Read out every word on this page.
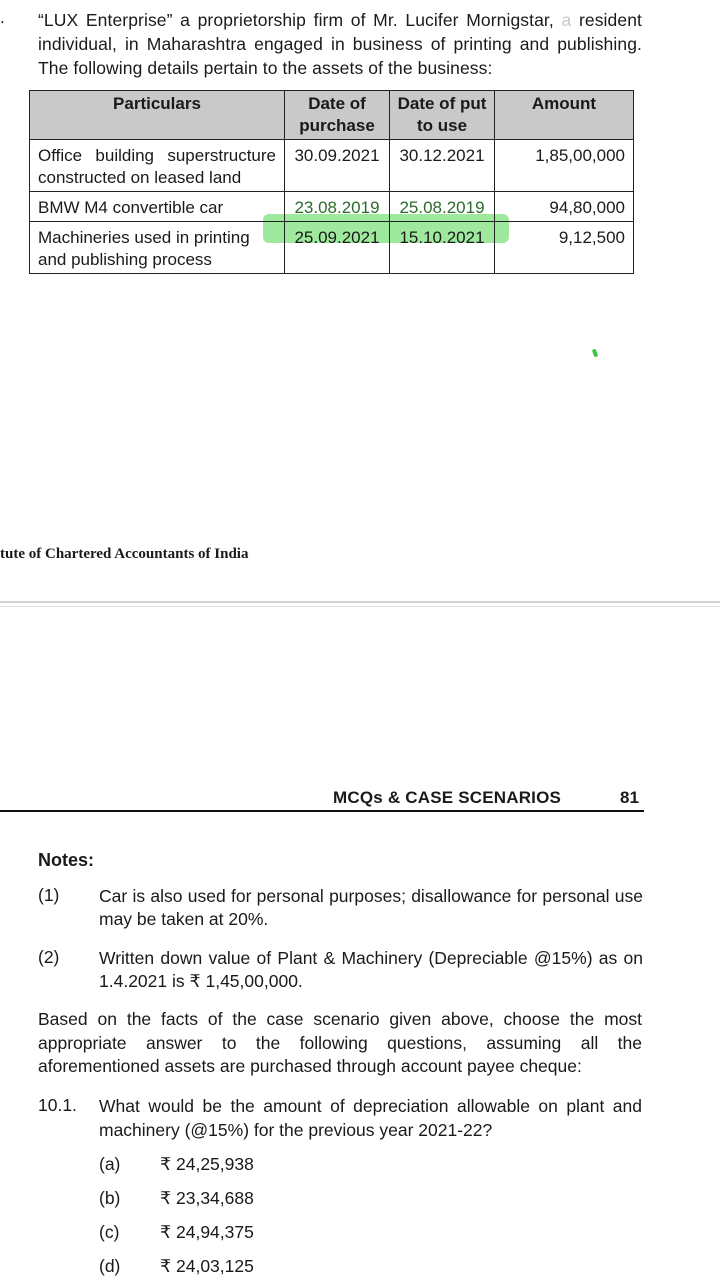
. “LUX Enterprise” a proprietorship firm of Mr. Lucifer Mornigstar, a resident individual, in Maharashtra engaged in business of printing and publishing. The following details pertain to the assets of the business:
Particulars	Date of purchase	Date of put to use	Amount
Office building superstructure constructed on leased land	30.09.2021	30.12.2021	1,85,00,000
BMW M4 convertible car	23.08.2019	25.08.2019	94,80,000
Machineries used in printing and publishing process	25.09.2021	15.10.2021	9,12,500
tute of Chartered Accountants of India
MCQs & CASE SCENARIOS	81
Notes:
(1) Car is also used for personal purposes; disallowance for personal use may be taken at 20%.
(2) Written down value of Plant & Machinery (Depreciable @15%) as on 1.4.2021 is ₹ 1,45,00,000.
Based on the facts of the case scenario given above, choose the most appropriate answer to the following questions, assuming all the aforementioned assets are purchased through account payee cheque:
10.1. What would be the amount of depreciation allowable on plant and machinery (@15%) for the previous year 2021-22?
(a) ₹ 24,25,938
(b) ₹ 23,34,688
(c) ₹ 24,94,375
(d) ₹ 24,03,125
